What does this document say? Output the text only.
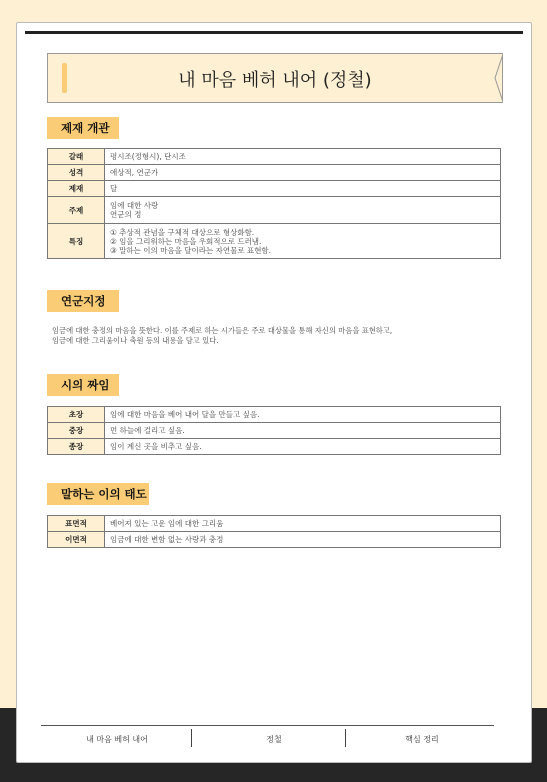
내 마음 베허 내어 (정철)
제재 개관
갈래	평시조(정형시), 단시조

성격	애상적, 연군가

제재	달

주제	임에 대한 사랑
연군의 정

특징	① 추상적 관념을 구체적 대상으로 형상화함.
② 임을 그리워하는 마음을 우회적으로 드러냄.
③ 말하는 이의 마음을 달이라는 자연물로 표현함.
연군지정
임금에 대한 충정의 마음을 뜻한다. 이를 주제로 하는 시가들은 주로 대상물을 통해 자신의 마음을 표현하고,
임금에 대한 그리움이나 축원 등의 내용을 담고 있다.
시의 짜임
초장	임에 대한 마음을 베어 내어 달을 만들고 싶음.
중장	먼 하늘에 걸리고 싶음.
종장	임이 계신 곳을 비추고 싶음.
말하는 이의 태도
표면적	베어져 있는 고운 임에 대한 그리움
이면적	임금에 대한 변함 없는 사랑과 충정
내 마음 베허 내어	정철	핵심 정리
